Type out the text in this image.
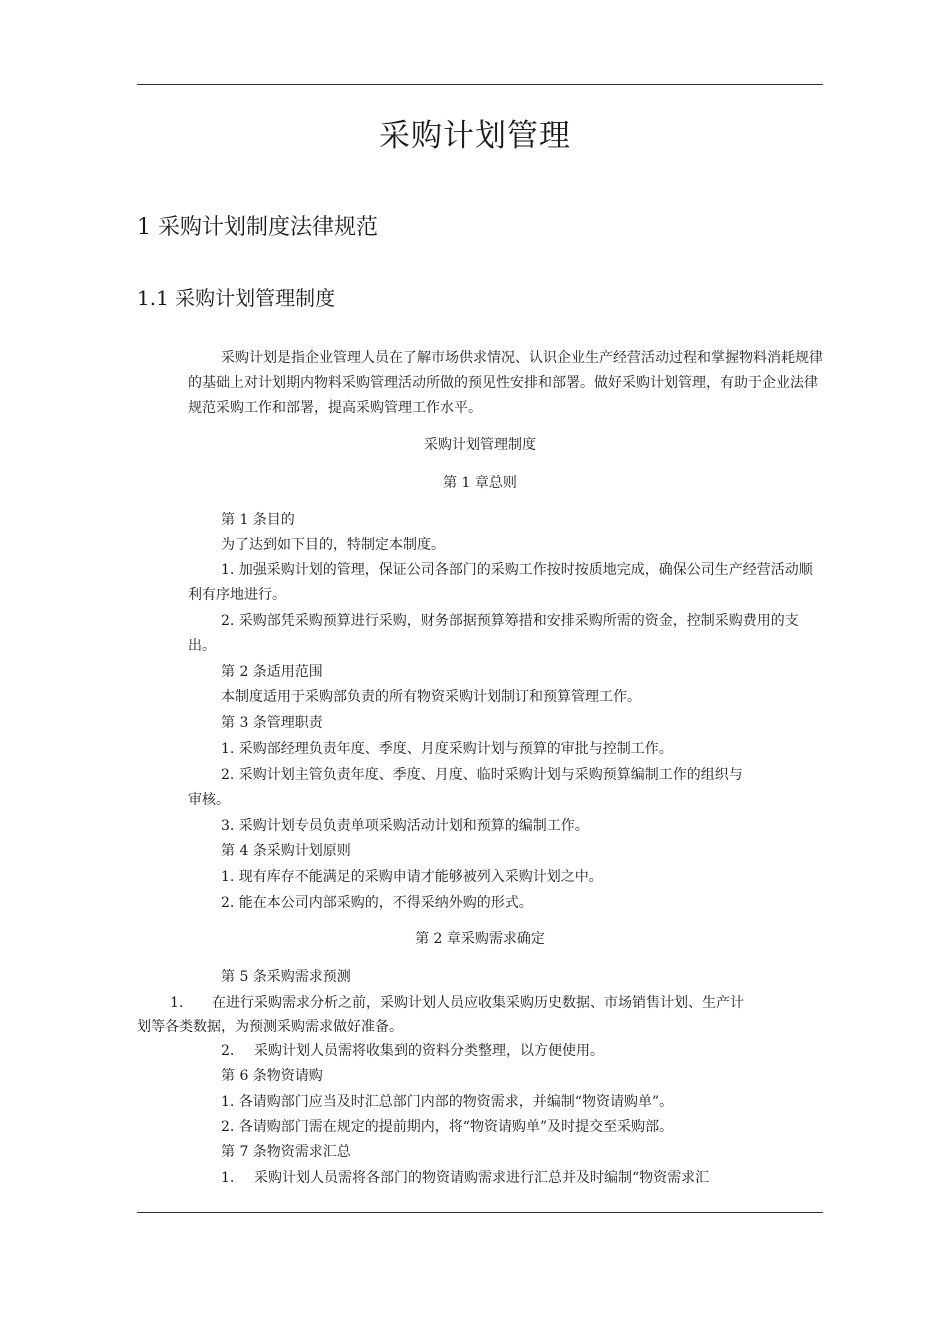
采购计划管理
1 采购计划制度法律规范
1.1 采购计划管理制度
采购计划是指企业管理人员在了解市场供求情况、认识企业生产经营活动过程和掌握物料消耗规律的基础上对计划期内物料采购管理活动所做的预见性安排和部署。做好采购计划管理，有助于企业法律规范采购工作和部署，提高采购管理工作水平。
采购计划管理制度
第 1 章总则
第 1 条目的
为了达到如下目的，特制定本制度。
1. 加强采购计划的管理，保证公司各部门的采购工作按时按质地完成，确保公司生产经营活动顺利有序地进行。
2. 采购部凭采购预算进行采购，财务部据预算筹措和安排采购所需的资金，控制采购费用的支出。
第 2 条适用范围
本制度适用于采购部负责的所有物资采购计划制订和预算管理工作。
第 3 条管理职责
1. 采购部经理负责年度、季度、月度采购计划与预算的审批与控制工作。
2. 采购计划主管负责年度、季度、月度、临时采购计划与采购预算编制工作的组织与
审核。
3. 采购计划专员负责单项采购活动计划和预算的编制工作。
第 4 条采购计划原则
1. 现有库存不能满足的采购申请才能够被列入采购计划之中。
2. 能在本公司内部采购的，不得采纳外购的形式。
第 2 章采购需求确定
第 5 条采购需求预测
1. 在进行采购需求分析之前，采购计划人员应收集采购历史数据、市场销售计划、生产计
划等各类数据，为预测采购需求做好准备。
2. 采购计划人员需将收集到的资料分类整理，以方便使用。
第 6 条物资请购
1. 各请购部门应当及时汇总部门内部的物资需求，并编制“物资请购单”。
2. 各请购部门需在规定的提前期内，将“物资请购单”及时提交至采购部。
第 7 条物资需求汇总
1. 采购计划人员需将各部门的物资请购需求进行汇总并及时编制“物资需求汇
